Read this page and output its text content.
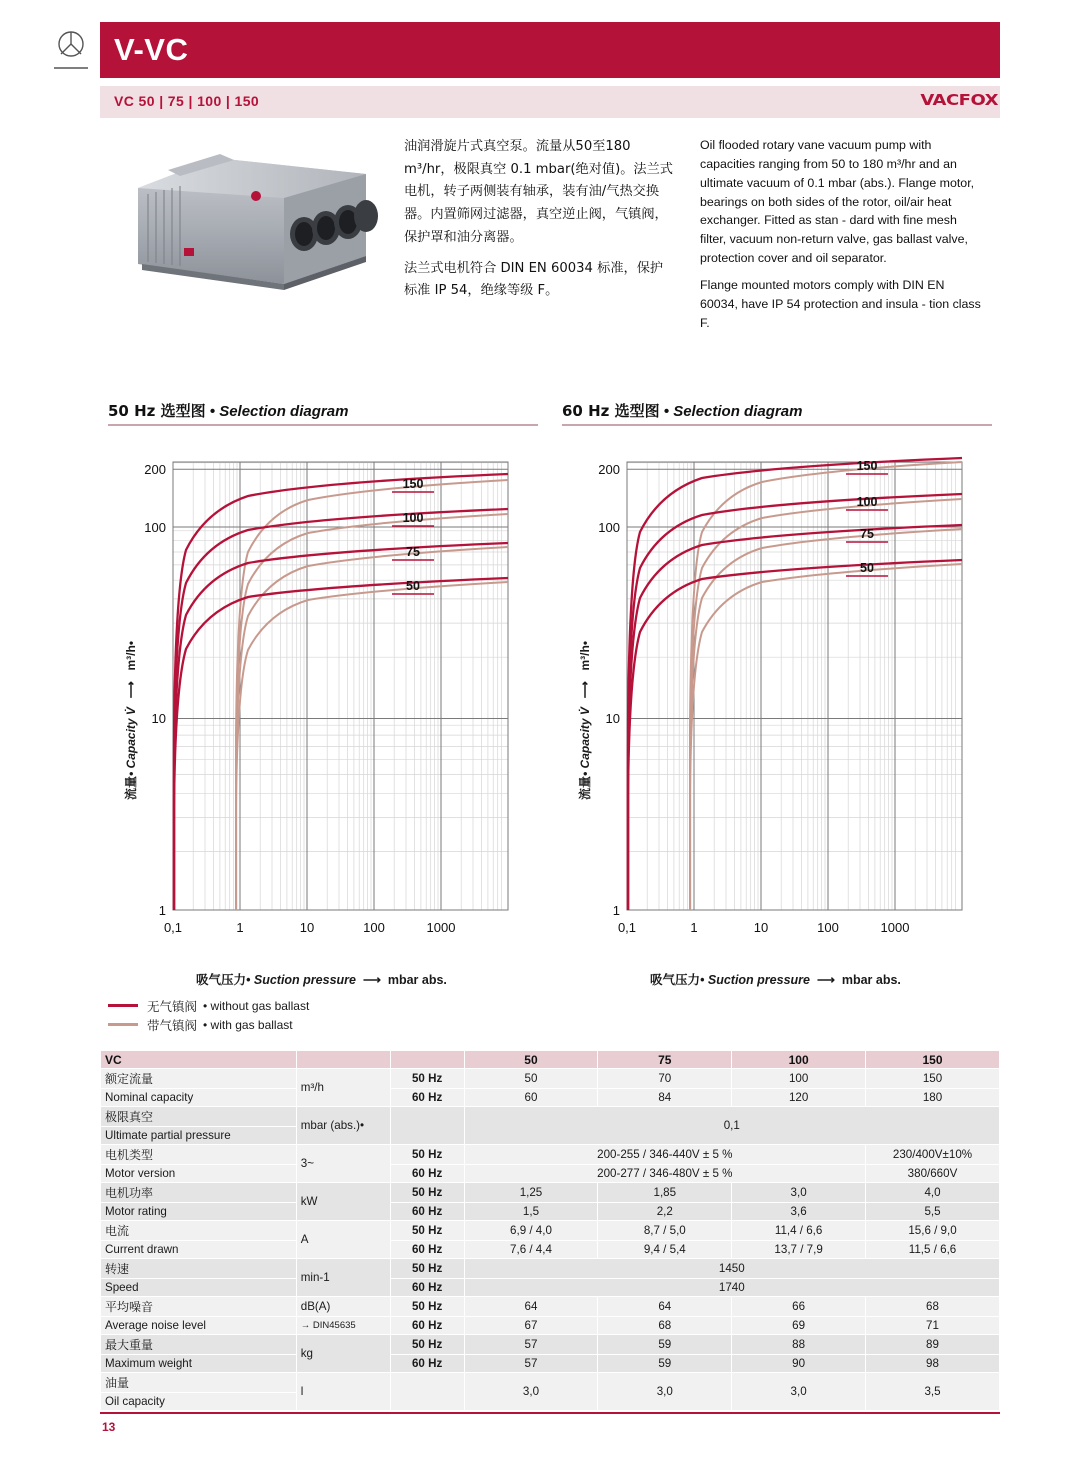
V-VC
VC 50 | 75 | 100 | 150	VACFOX

油润滑旋片式真空泵。流量从50至180 m³/hr，极限真空 0.1 mbar(绝对值)。法兰式电机，转子两侧装有轴承，装有油/气热交换器。内置筛网过滤器，真空逆止阀，气镇阀，保护罩和油分离器。

法兰式电机符合 DIN EN 60034 标准，保护标准 IP 54，绝缘等级 F。

Oil flooded rotary vane vacuum pump with capacities ranging from 50 to 180 m³/hr and an ultimate vacuum of 0.1 mbar (abs.). Flange motor, bearings on both sides of the rotor, oil/air heat exchanger. Fitted as stan - dard with fine mesh filter, vacuum non-return valve, gas ballast valve, protection cover and oil separator.

Flange mounted motors comply with DIN EN 60034, have IP 54 protection and insula - tion class F.

50 Hz 选型图 • Selection diagram	60 Hz 选型图 • Selection diagram
150
100
75
50
200
100
10
1
0,1	1	10	100	1000
流量• Capacity V̇  ⟶  m³/h•
吸气压力• Suction pressure  ⟶  mbar abs.
150
100
75
50
200
100
10
1
0,1	1	10	100	1000
流量• Capacity V̇  ⟶  m³/h•
吸气压力• Suction pressure  ⟶  mbar abs.
无气镇阀 • without gas ballast
带气镇阀 • with gas ballast
VC			50	75	100	150
额定流量	m³/h	50 Hz	50	70	100	150
Nominal capacity		60 Hz	60	84	120	180
极限真空	mbar (abs.)•		0,1			
Ultimate partial pressure						
电机类型	3~	50 Hz	200-255 / 346-440V ± 5 %			230/400V±10%
Motor version		60 Hz	200-277 / 346-480V ± 5 %			380/660V
电机功率	kW	50 Hz	1,25	1,85	3,0	4,0
Motor rating		60 Hz	1,5	2,2	3,6	5,5
电流	A	50 Hz	6,9 / 4,0	8,7 / 5,0	11,4 / 6,6	15,6 / 9,0
Current drawn		60 Hz	7,6 / 4,4	9,4 / 5,4	13,7 / 7,9	11,5 / 6,6
转速	min-1	50 Hz	1450			
Speed		60 Hz	1740			
平均噪音	dB(A)	50 Hz	64	64	66	68
Average noise level	→ DIN45635	60 Hz	67	68	69	71
最大重量	kg	50 Hz	57	59	88	89
Maximum weight		60 Hz	57	59	90	98
油量	l		3,0	3,0	3,0	3,5
Oil capacity						
13
